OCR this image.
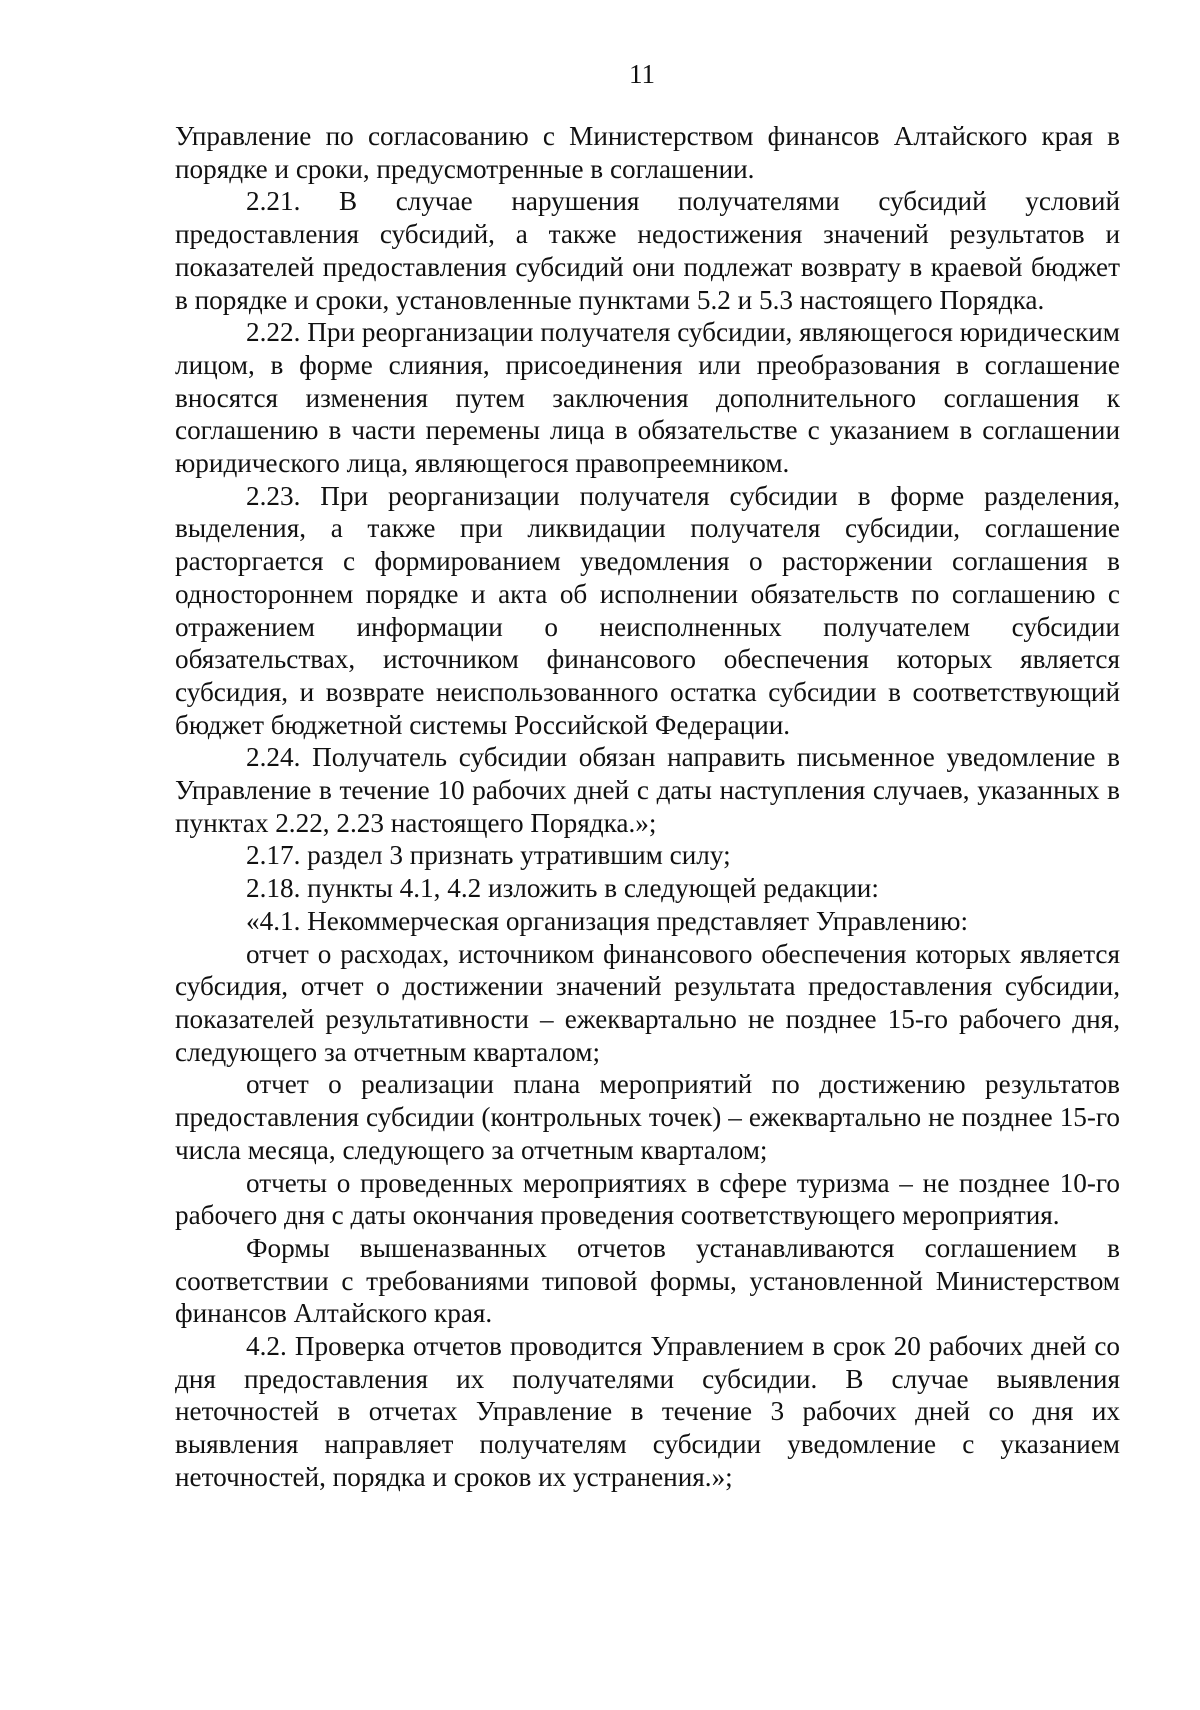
11

Управление по согласованию с Министерством финансов Алтайского края в порядке и сроки, предусмотренные в соглашении.

2.21. В случае нарушения получателями субсидий условий предоставления субсидий, а также недостижения значений результатов и показателей предоставления субсидий они подлежат возврату в краевой бюджет в порядке и сроки, установленные пунктами 5.2 и 5.3 настоящего Порядка.

2.22. При реорганизации получателя субсидии, являющегося юридическим лицом, в форме слияния, присоединения или преобразования в соглашение вносятся изменения путем заключения дополнительного соглашения к соглашению в части перемены лица в обязательстве с указанием в соглашении юридического лица, являющегося правопреемником.

2.23. При реорганизации получателя субсидии в форме разделения, выделения, а также при ликвидации получателя субсидии, соглашение расторгается с формированием уведомления о расторжении соглашения в одностороннем порядке и акта об исполнении обязательств по соглашению с отражением информации о неисполненных получателем субсидии обязательствах, источником финансового обеспечения которых является субсидия, и возврате неиспользованного остатка субсидии в соответствующий бюджет бюджетной системы Российской Федерации.

2.24. Получатель субсидии обязан направить письменное уведомление в Управление в течение 10 рабочих дней с даты наступления случаев, указанных в пунктах 2.22, 2.23 настоящего Порядка.»;

2.17. раздел 3 признать утратившим силу;

2.18. пункты 4.1, 4.2 изложить в следующей редакции:

«4.1. Некоммерческая организация представляет Управлению:

отчет о расходах, источником финансового обеспечения которых является субсидия, отчет о достижении значений результата предоставления субсидии, показателей результативности – ежеквартально не позднее 15-го рабочего дня, следующего за отчетным кварталом;

отчет о реализации плана мероприятий по достижению результатов предоставления субсидии (контрольных точек) – ежеквартально не позднее 15-го числа месяца, следующего за отчетным кварталом;

отчеты о проведенных мероприятиях в сфере туризма – не позднее 10-го рабочего дня с даты окончания проведения соответствующего мероприятия.

Формы вышеназванных отчетов устанавливаются соглашением в соответствии с требованиями типовой формы, установленной Министерством финансов Алтайского края.

4.2. Проверка отчетов проводится Управлением в срок 20 рабочих дней со дня предоставления их получателями субсидии. В случае выявления неточностей в отчетах Управление в течение 3 рабочих дней со дня их выявления направляет получателям субсидии уведомление с указанием неточностей, порядка и сроков их устранения.»;
